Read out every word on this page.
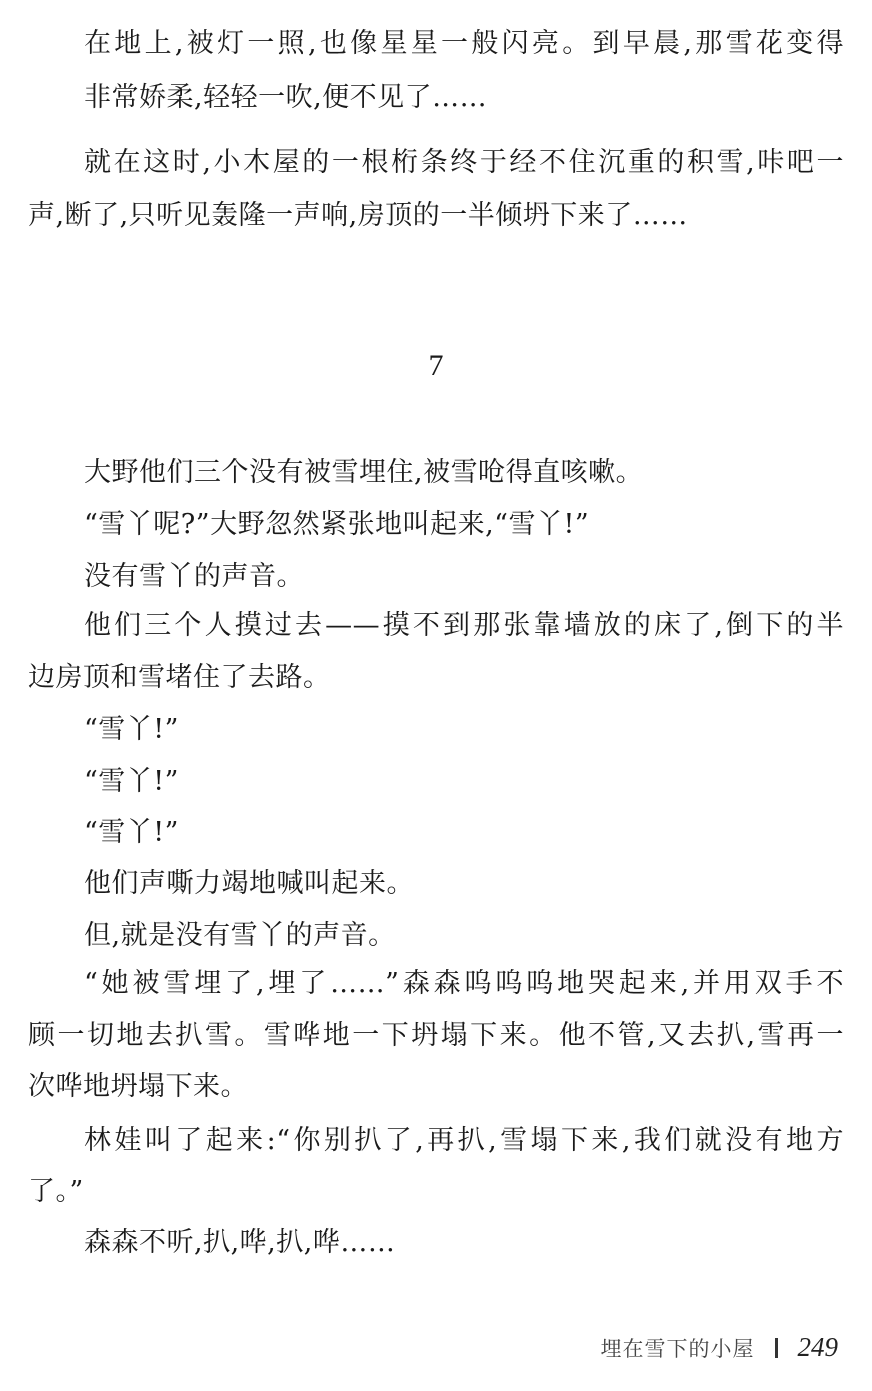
在地上,被灯一照,也像星星一般闪亮。到早晨,那雪花变得
非常娇柔,轻轻一吹,便不见了……
就在这时,小木屋的一根桁条终于经不住沉重的积雪,咔吧一
声,断了,只听见轰隆一声响,房顶的一半倾坍下来了……
7
大野他们三个没有被雪埋住,被雪呛得直咳嗽。
“雪丫呢?”大野忽然紧张地叫起来,“雪丫!”
没有雪丫的声音。
他们三个人摸过去——摸不到那张靠墙放的床了,倒下的半
边房顶和雪堵住了去路。
“雪丫!”
“雪丫!”
“雪丫!”
他们声嘶力竭地喊叫起来。
但,就是没有雪丫的声音。
“她被雪埋了,埋了……”森森呜呜呜地哭起来,并用双手不
顾一切地去扒雪。雪哗地一下坍塌下来。他不管,又去扒,雪再一
次哗地坍塌下来。
林娃叫了起来:“你别扒了,再扒,雪塌下来,我们就没有地方
了。”
森森不听,扒,哗,扒,哗……
埋在雪下的小屋 249
